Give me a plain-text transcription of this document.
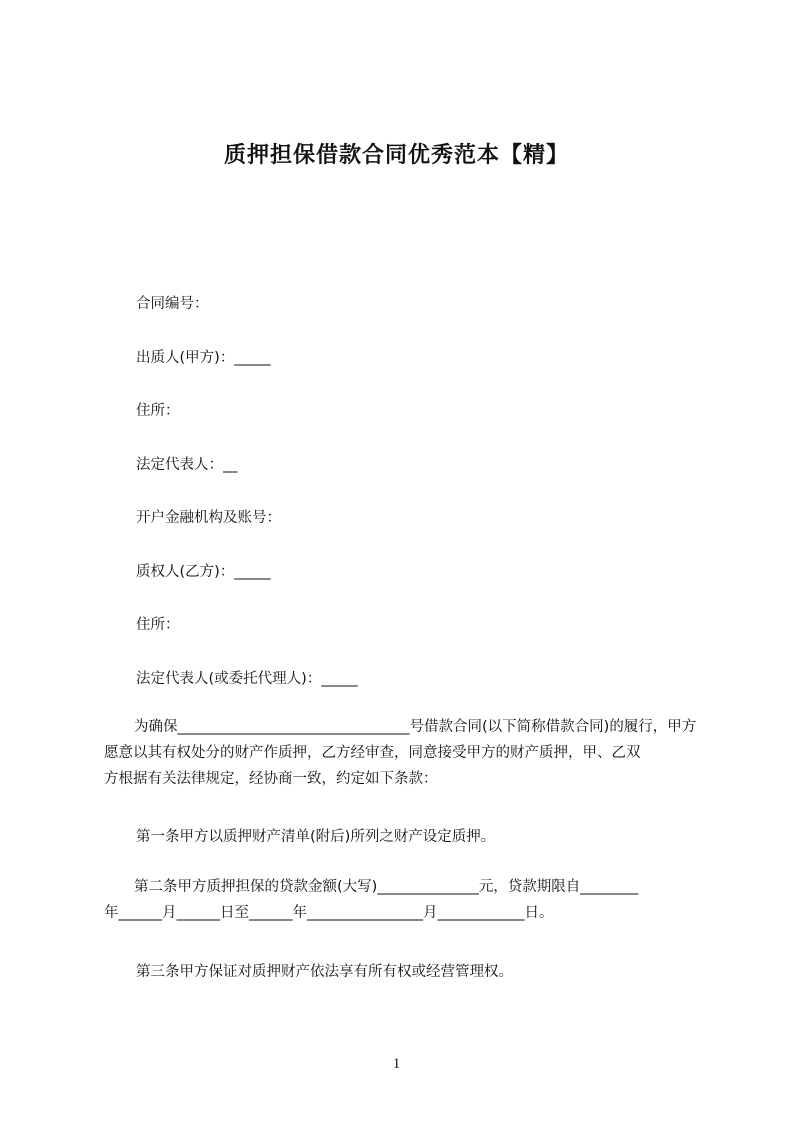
质押担保借款合同优秀范本【精】
合同编号：
出质人(甲方)：_____
住所：
法定代表人：__
开户金融机构及账号：
质权人(乙方)：_____
住所：
法定代表人(或委托代理人)：_____
为确保________________________________号借款合同(以下简称借款合同)的履行，甲方
愿意以其有权处分的财产作质押，乙方经审查，同意接受甲方的财产质押，甲、乙双
方根据有关法律规定，经协商一致，约定如下条款：
第一条甲方以质押财产清单(附后)所列之财产设定质押。
第二条甲方质押担保的贷款金额(大写)______________元，贷款期限自________
年______月______日至______年________________月____________日。
第三条甲方保证对质押财产依法享有所有权或经营管理权。
1
